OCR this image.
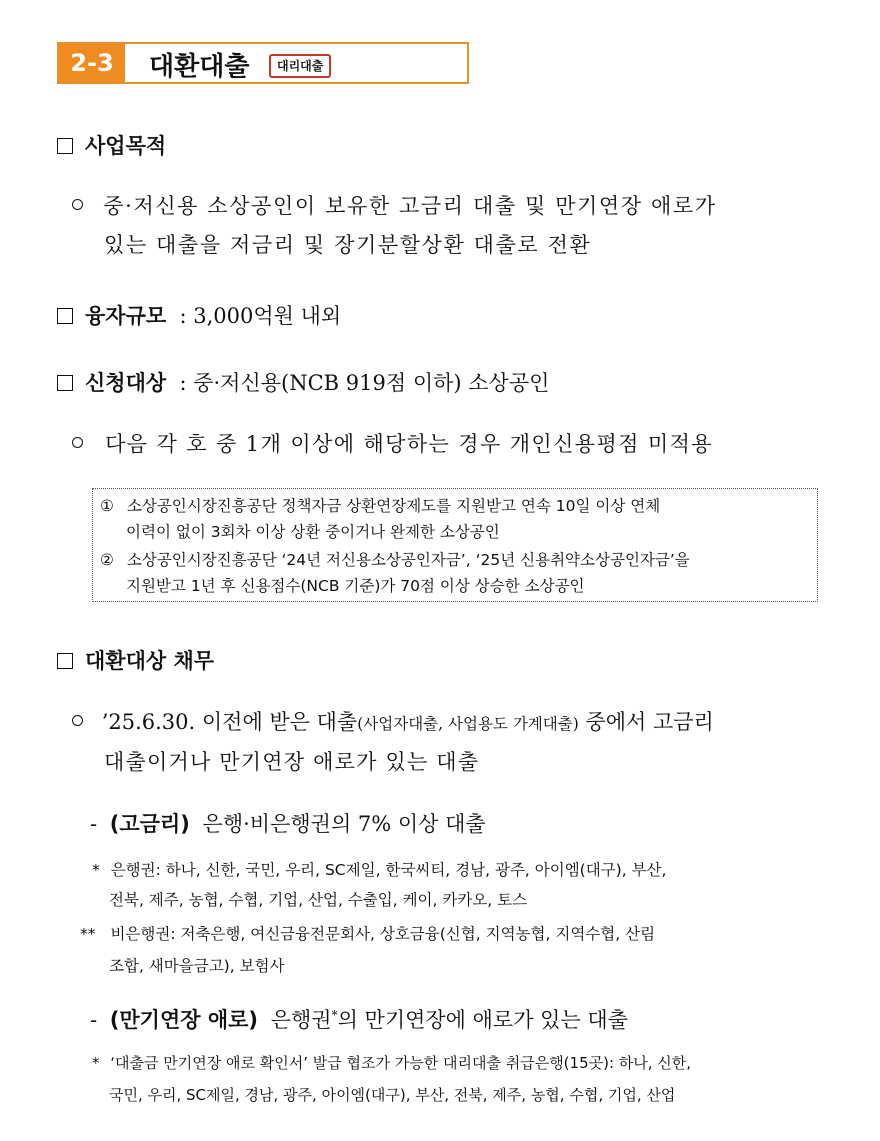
2-3	대환대출	대리대출
사업목적
중·저신용 소상공인이 보유한 고금리 대출 및 만기연장 애로가
있는 대출을 저금리 및 장기분할상환 대출로 전환
융자규모 : 3,000억원 내외
신청대상 : 중·저신용(NCB 919점 이하) 소상공인
다음 각 호 중 1개 이상에 해당하는 경우 개인신용평점 미적용
① 소상공인시장진흥공단 정책자금 상환연장제도를 지원받고 연속 10일 이상 연체
이력이 없이 3회차 이상 상환 중이거나 완제한 소상공인
② 소상공인시장진흥공단 ‘24년 저신용소상공인자금’, ‘25년 신용취약소상공인자금’을
지원받고 1년 후 신용점수(NCB 기준)가 70점 이상 상승한 소상공인
대환대상 채무
’25.6.30. 이전에 받은 대출(사업자대출, 사업용도 가계대출) 중에서 고금리
대출이거나 만기연장 애로가 있는 대출
- (고금리) 은행·비은행권의 7% 이상 대출
* 은행권: 하나, 신한, 국민, 우리, SC제일, 한국씨티, 경남, 광주, 아이엠(대구), 부산,
전북, 제주, 농협, 수협, 기업, 산업, 수출입, 케이, 카카오, 토스
** 비은행권: 저축은행, 여신금융전문회사, 상호금융(신협, 지역농협, 지역수협, 산림
조합, 새마을금고), 보험사
- (만기연장 애로) 은행권*의 만기연장에 애로가 있는 대출
* ‘대출금 만기연장 애로 확인서’ 발급 협조가 가능한 대리대출 취급은행(15곳): 하나, 신한,
국민, 우리, SC제일, 경남, 광주, 아이엠(대구), 부산, 전북, 제주, 농협, 수협, 기업, 산업
